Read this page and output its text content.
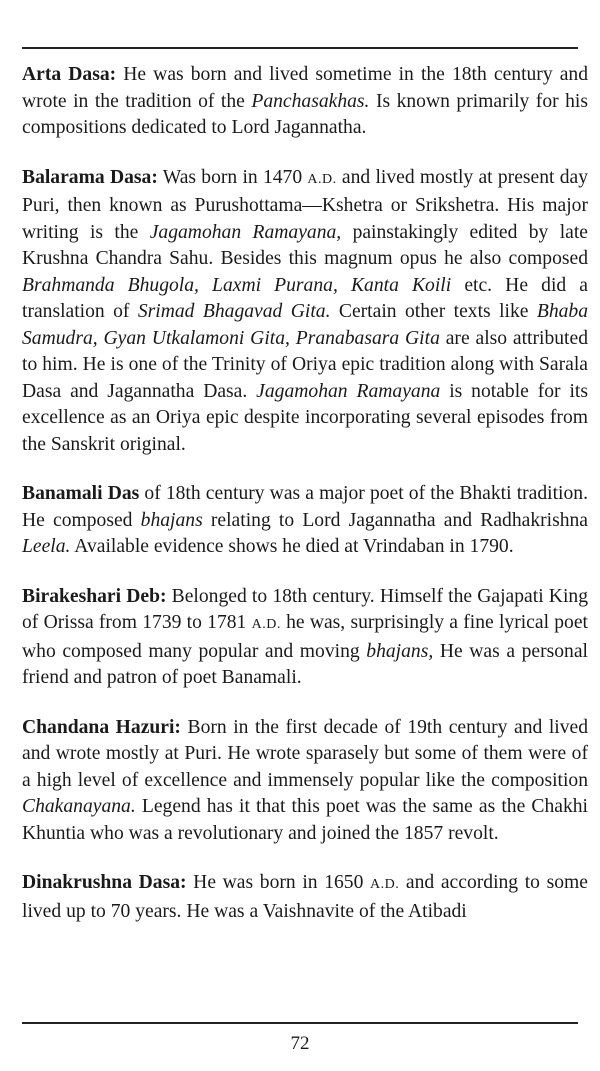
Arta Dasa: He was born and lived sometime in the 18th century and wrote in the tradition of the Panchasakhas. Is known primarily for his compositions dedicated to Lord Jagannatha.

Balarama Dasa: Was born in 1470 A.D. and lived mostly at present day Puri, then known as Purushottama—Kshetra or Srikshetra. His major writing is the Jagamohan Ramayana, painstakingly edited by late Krushna Chandra Sahu. Besides this magnum opus he also composed Brahmanda Bhugola, Laxmi Purana, Kanta Koili etc. He did a translation of Srimad Bhagavad Gita. Certain other texts like Bhaba Samudra, Gyan Utkalamoni Gita, Pranabasara Gita are also attributed to him. He is one of the Trinity of Oriya epic tradition along with Sarala Dasa and Jagannatha Dasa. Jagamohan Ramayana is notable for its excellence as an Oriya epic despite incorporating several episodes from the Sanskrit original.

Banamali Das of 18th century was a major poet of the Bhakti tradition. He composed bhajans relating to Lord Jagannatha and Radhakrishna Leela. Available evidence shows he died at Vrindaban in 1790.

Birakeshari Deb: Belonged to 18th century. Himself the Gajapati King of Orissa from 1739 to 1781 A.D. he was, surprisingly a fine lyrical poet who composed many popular and moving bhajans, He was a personal friend and patron of poet Banamali.

Chandana Hazuri: Born in the first decade of 19th century and lived and wrote mostly at Puri. He wrote sparasely but some of them were of a high level of excellence and immensely popular like the composition Chakanayana. Legend has it that this poet was the same as the Chakhi Khuntia who was a revolutionary and joined the 1857 revolt.

Dinakrushna Dasa: He was born in 1650 A.D. and according to some lived up to 70 years. He was a Vaishnavite of the Atibadi

72
